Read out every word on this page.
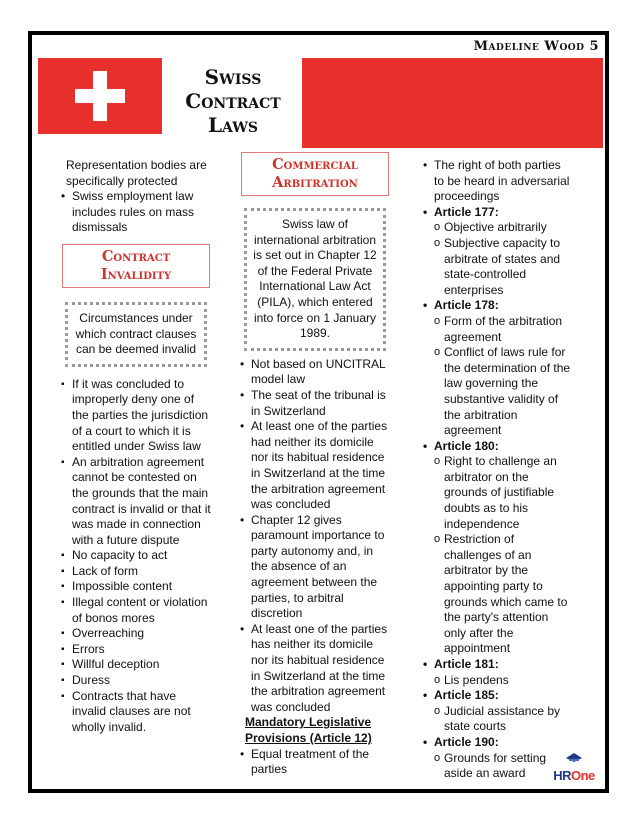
Madeline Wood 5
Swiss
Contract
Laws
Representation bodies are specifically protected
• Swiss employment law includes rules on mass dismissals
Contract
Invalidity
Circumstances under which contract clauses can be deemed invalid
▪ If it was concluded to improperly deny one of the parties the jurisdiction of a court to which it is entitled under Swiss law
▪ An arbitration agreement cannot be contested on the grounds that the main contract is invalid or that it was made in connection with a future dispute
▪ No capacity to act
▪ Lack of form
▪ Impossible content
▪ Illegal content or violation of bonos mores
▪ Overreaching
▪ Errors
▪ Willful deception
▪ Duress
▪ Contracts that have invalid clauses are not wholly invalid.
Commercial
Arbitration
Swiss law of international arbitration is set out in Chapter 12 of the Federal Private International Law Act (PILA), which entered into force on 1 January 1989.
• Not based on UNCITRAL model law
• The seat of the tribunal is in Switzerland
• At least one of the parties had neither its domicile nor its habitual residence in Switzerland at the time the arbitration agreement was concluded
• Chapter 12 gives paramount importance to party autonomy and, in the absence of an agreement between the parties, to arbitral discretion
• At least one of the parties has neither its domicile nor its habitual residence in Switzerland at the time the arbitration agreement was concluded
Mandatory Legislative Provisions (Article 12)
• Equal treatment of the parties
• The right of both parties to be heard in adversarial proceedings
• Article 177:
o Objective arbitrarily
o Subjective capacity to arbitrate of states and state-controlled enterprises
• Article 178:
o Form of the arbitration agreement
o Conflict of laws rule for the determination of the law governing the substantive validity of the arbitration agreement
• Article 180:
o Right to challenge an arbitrator on the grounds of justifiable doubts as to his independence
o Restriction of challenges of an arbitrator by the appointing party to grounds which came to the party's attention only after the appointment
• Article 181:
o Lis pendens
• Article 185:
o Judicial assistance by state courts
• Article 190:
o Grounds for setting aside an award	HROne
